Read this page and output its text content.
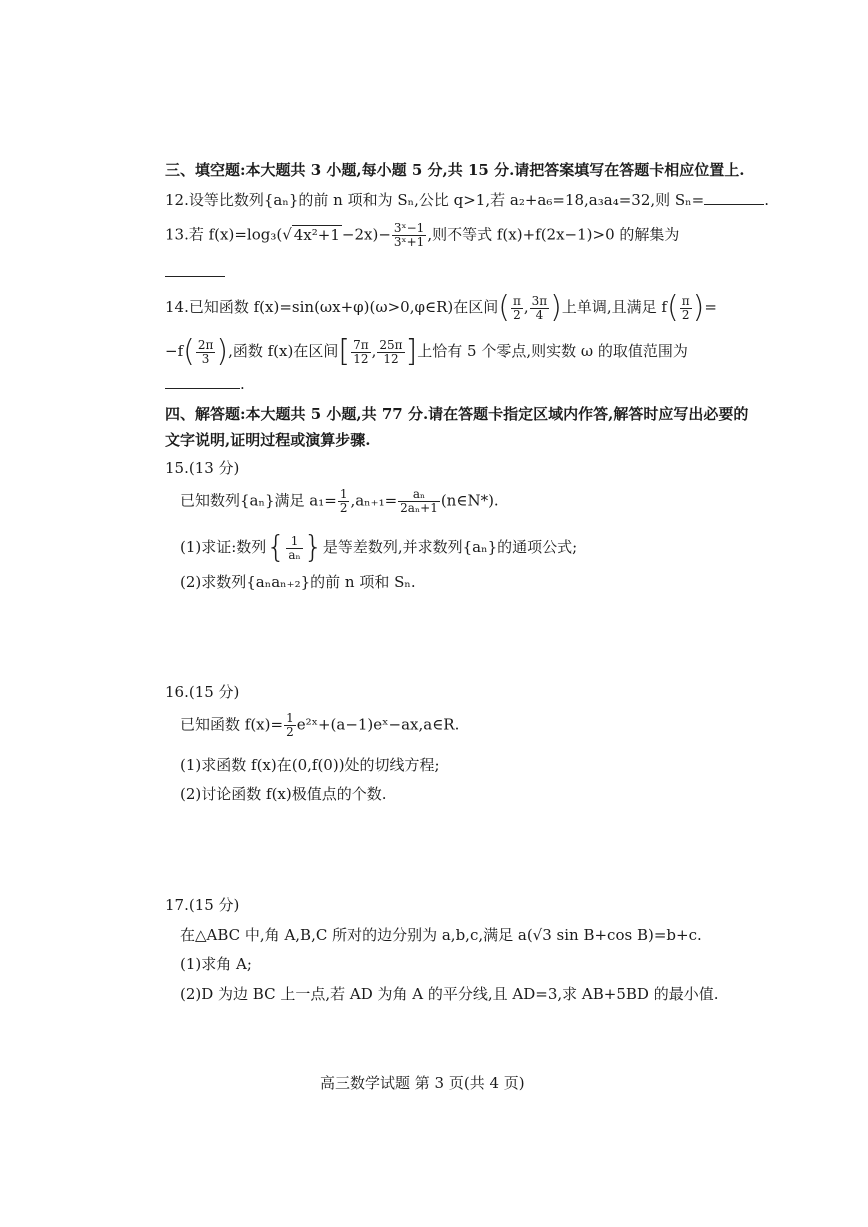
三、填空题:本大题共 3 小题,每小题 5 分,共 15 分.请把答案填写在答题卡相应位置上.
12.设等比数列{aₙ}的前 n 项和为 Sₙ,公比 q>1,若 a₂+a₆=18,a₃a₄=32,则 Sₙ=	.
13.若 f(x)=log₃(√ $4x^2+1 -2x)- \frac{\text{3ˣ−1}}{\text{3ˣ+1}}$ ,则不等式 f(x)+f(2x−1)>0 的解集为
14.已知函数 f(x)=sin(ωx+φ)(ω>0,φ∈R)在区间( $\frac{\pi}{2}$ , $\frac{3\pi}{4}$ )上单调,且满足 $f( \frac{\pi}{2}$ )=
$-f( \frac{2\pi}{3}$ ),函数 f(x)在区间[ $\frac{7\pi}{12}$ , $\frac{25\pi}{12}$ ]上恰有 5 个零点,则实数 ω 的取值范围为
.
四、解答题:本大题共 5 小题,共 77 分.请在答题卡指定区域内作答,解答时应写出必要的
文字说明,证明过程或演算步骤.
15.(13 分)
已知数列{aₙ}满足 $a_1= \frac{1}{2} ,a_{n+1}= \frac{\text{aₙ}}{\text{2aₙ+1}}$ (n∈N*).
(1)求证:数列{ $\frac{1}{\text{aₙ}}$ }是等差数列,并求数列{aₙ}的通项公式;
(2)求数列{aₙaₙ₊₂}的前 n 项和 Sₙ.
16.(15 分)
已知函数 $f(x)= \frac{1}{2}$ e²ˣ+(a−1)eˣ−ax,a∈R.
(1)求函数 f(x)在(0,f(0))处的切线方程;
(2)讨论函数 f(x)极值点的个数.
17.(15 分)
在△ABC 中,角 A,B,C 所对的边分别为 a,b,c,满足 a(√3 sin B+cos B)=b+c.
(1)求角 A;
(2)D 为边 BC 上一点,若 AD 为角 A 的平分线,且 AD=3,求 AB+5BD 的最小值.
高三数学试题 第 3 页(共 4 页)
